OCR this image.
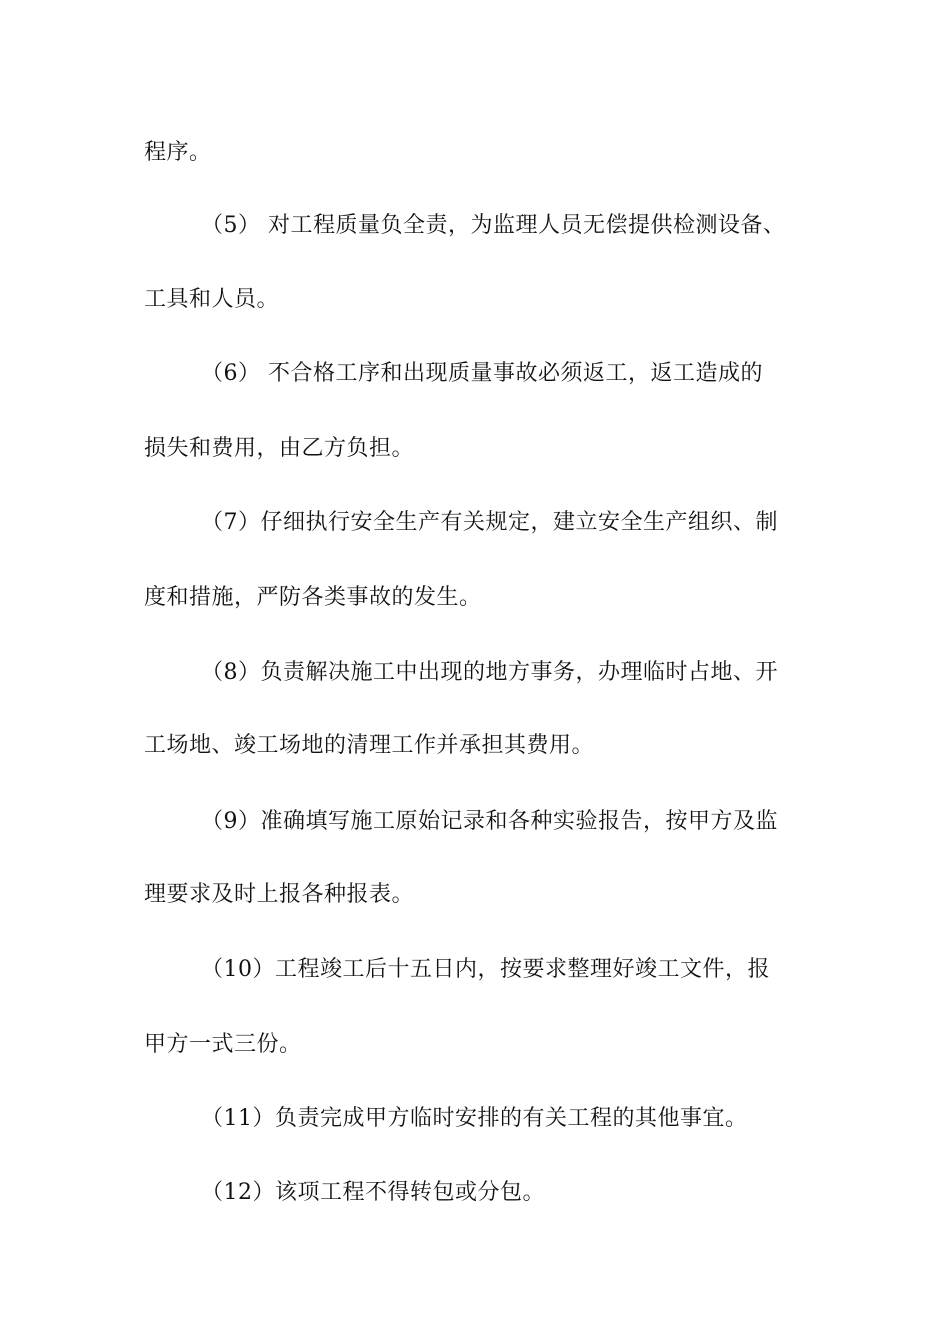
程序。
（5） 对工程质量负全责，为监理人员无偿提供检测设备、
工具和人员。
（6） 不合格工序和出现质量事故必须返工，返工造成的
损失和费用，由乙方负担。
（7）仔细执行安全生产有关规定，建立安全生产组织、制
度和措施，严防各类事故的发生。
（8）负责解决施工中出现的地方事务，办理临时占地、开
工场地、竣工场地的清理工作并承担其费用。
（9）准确填写施工原始记录和各种实验报告，按甲方及监
理要求及时上报各种报表。
（10）工程竣工后十五日内，按要求整理好竣工文件，报
甲方一式三份。
（11）负责完成甲方临时安排的有关工程的其他事宜。
（12）该项工程不得转包或分包。
